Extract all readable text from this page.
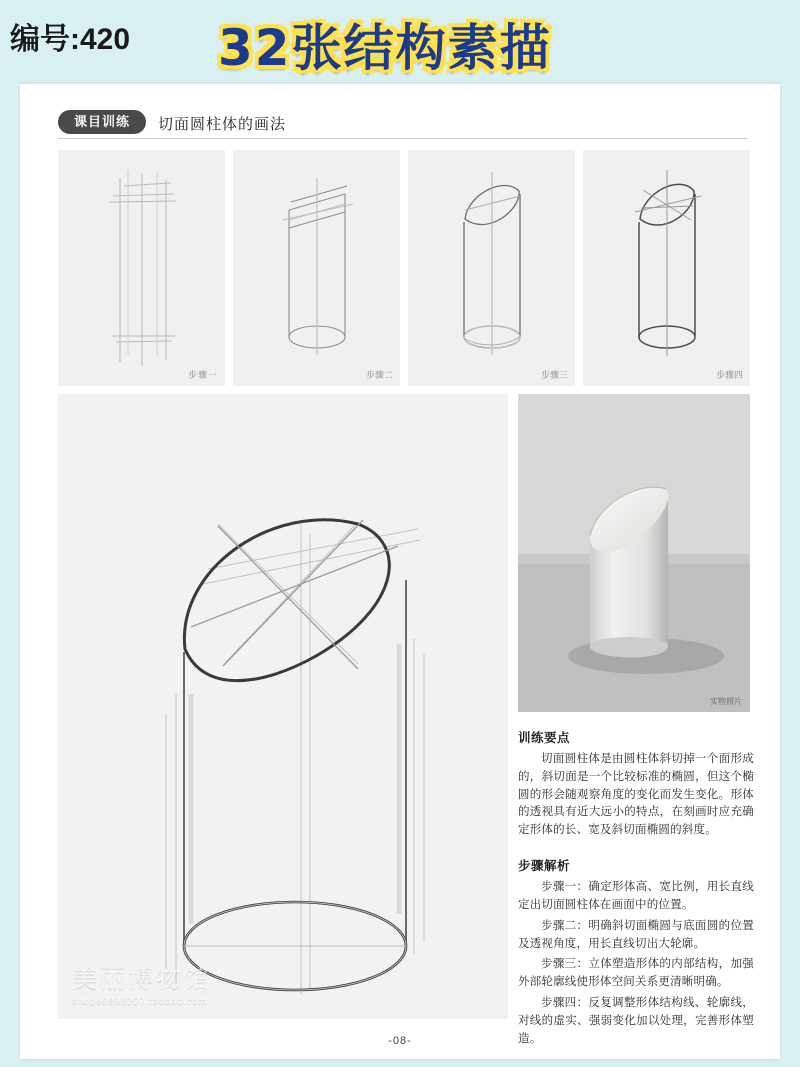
编号:420 32张结构素描
课目训练	切面圆柱体的画法
步骤一	步骤二	步骤三	步骤四
美丽博物馆
shop60898207.taobao.com
实物照片
训练要点

切面圆柱体是由圆柱体斜切掉一个面形成的，斜切面是一个比较标准的椭圆，但这个椭圆的形会随观察角度的变化而发生变化。形体的透视具有近大远小的特点，在刻画时应充确定形体的长、宽及斜切面椭圆的斜度。

步骤解析

步骤一：确定形体高、宽比例，用长直线定出切面圆柱体在画面中的位置。

步骤二：明确斜切面椭圆与底面圆的位置及透视角度，用长直线切出大轮廓。

步骤三：立体塑造形体的内部结构，加强外部轮廓线使形体空间关系更清晰明确。

步骤四：反复调整形体结构线、轮廓线，对线的虚实、强弱变化加以处理，完善形体塑造。

-08-
